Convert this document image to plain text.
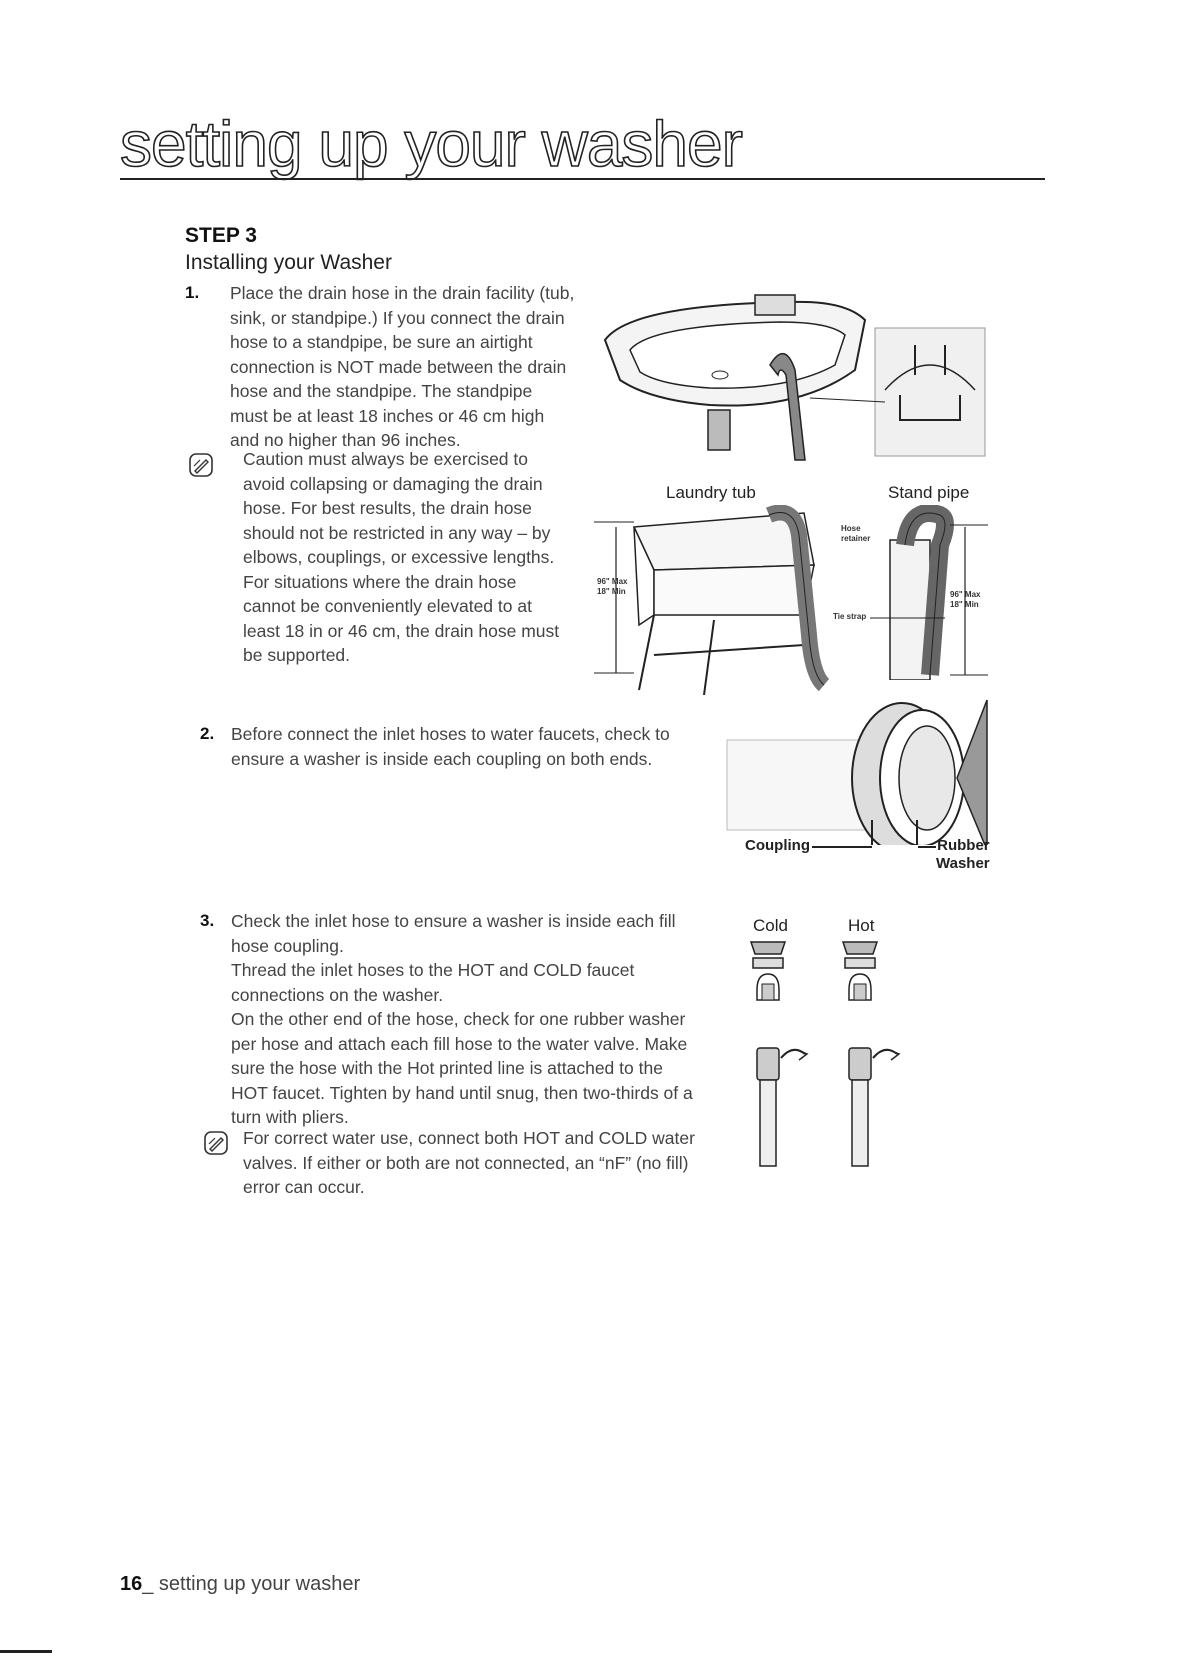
setting up your washer
STEP 3
Installing your Washer
1. Place the drain hose in the drain facility (tub,
sink, or standpipe.) If you connect the drain
hose to a standpipe, be sure an airtight
connection is NOT made between the drain
hose and the standpipe. The standpipe
must be at least 18 inches or 46 cm high
and no higher than 96 inches.
Caution must always be exercised to
avoid collapsing or damaging the drain
hose. For best results, the drain hose
should not be restricted in any way – by
elbows, couplings, or excessive lengths.
For situations where the drain hose
cannot be conveniently elevated to at
least 18 in or 46 cm, the drain hose must
be supported.
Laundry tub	Stand pipe
96" Max
18" Min
Hose
retainer
Tie strap
96" Max
18" Min
2. Before connect the inlet hoses to water faucets, check to
ensure a washer is inside each coupling on both ends.
Coupling	Rubber
Washer
3. Check the inlet hose to ensure a washer is inside each fill
hose coupling.
Thread the inlet hoses to the HOT and COLD faucet
connections on the washer.
On the other end of the hose, check for one rubber washer
per hose and attach each fill hose to the water valve. Make
sure the hose with the Hot printed line is attached to the
HOT faucet. Tighten by hand until snug, then two-thirds of a
turn with pliers.
For correct water use, connect both HOT and COLD water
valves. If either or both are not connected, an “nF” (no fill)
error can occur.
Cold	Hot
16_ setting up your washer
